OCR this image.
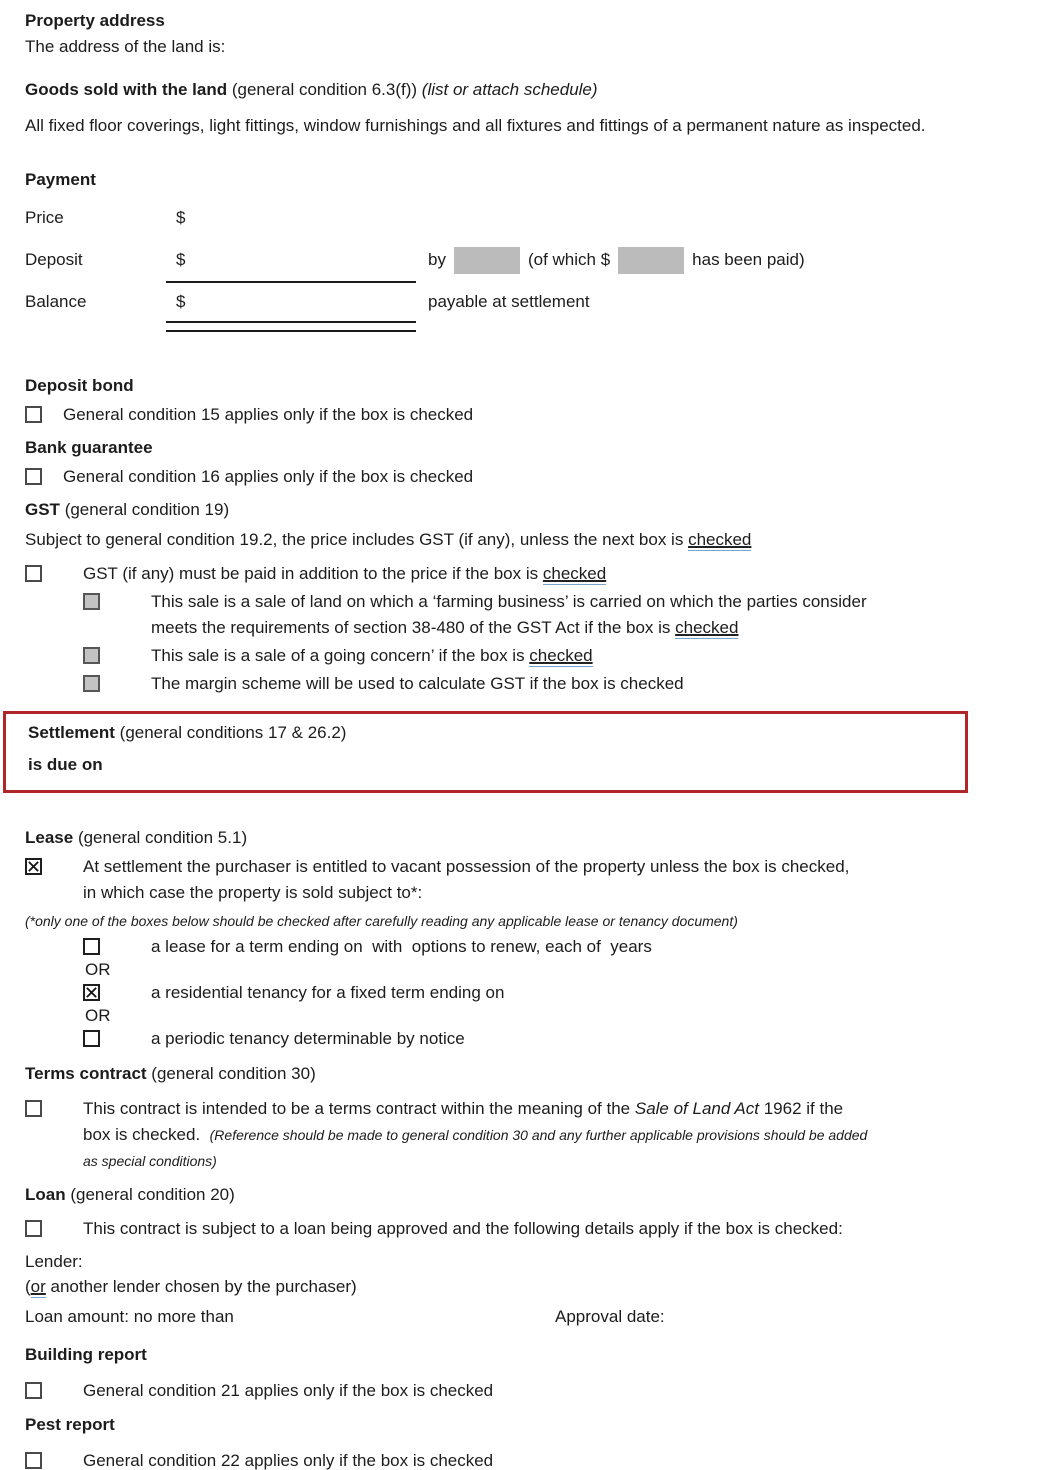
Property address
The address of the land is:
Goods sold with the land (general condition 6.3(f)) (list or attach schedule)
All fixed floor coverings, light fittings, window furnishings and all fixtures and fittings of a permanent nature as inspected.
Payment
Price	$
Deposit	$	by	(of which $	has been paid)
Balance	$	payable at settlement
Deposit bond
General condition 15 applies only if the box is checked
Bank guarantee
General condition 16 applies only if the box is checked
GST (general condition 19)
Subject to general condition 19.2, the price includes GST (if any), unless the next box is checked
GST (if any) must be paid in addition to the price if the box is checked
This sale is a sale of land on which a ‘farming business’ is carried on which the parties consider
meets the requirements of section 38-480 of the GST Act if the box is checked
This sale is a sale of a going concern’ if the box is checked
The margin scheme will be used to calculate GST if the box is checked
Settlement (general conditions 17 & 26.2)
is due on
Lease (general condition 5.1)
At settlement the purchaser is entitled to vacant possession of the property unless the box is checked,
in which case the property is sold subject to*:
(*only one of the boxes below should be checked after carefully reading any applicable lease or tenancy document)
a lease for a term ending on  with  options to renew, each of  years
OR
a residential tenancy for a fixed term ending on
OR
a periodic tenancy determinable by notice
Terms contract (general condition 30)
This contract is intended to be a terms contract within the meaning of the Sale of Land Act 1962 if the
box is checked. (Reference should be made to general condition 30 and any further applicable provisions should be added
as special conditions)
Loan (general condition 20)
This contract is subject to a loan being approved and the following details apply if the box is checked:
Lender:
(or another lender chosen by the purchaser)
Loan amount: no more than	Approval date:
Building report
General condition 21 applies only if the box is checked
Pest report
General condition 22 applies only if the box is checked
